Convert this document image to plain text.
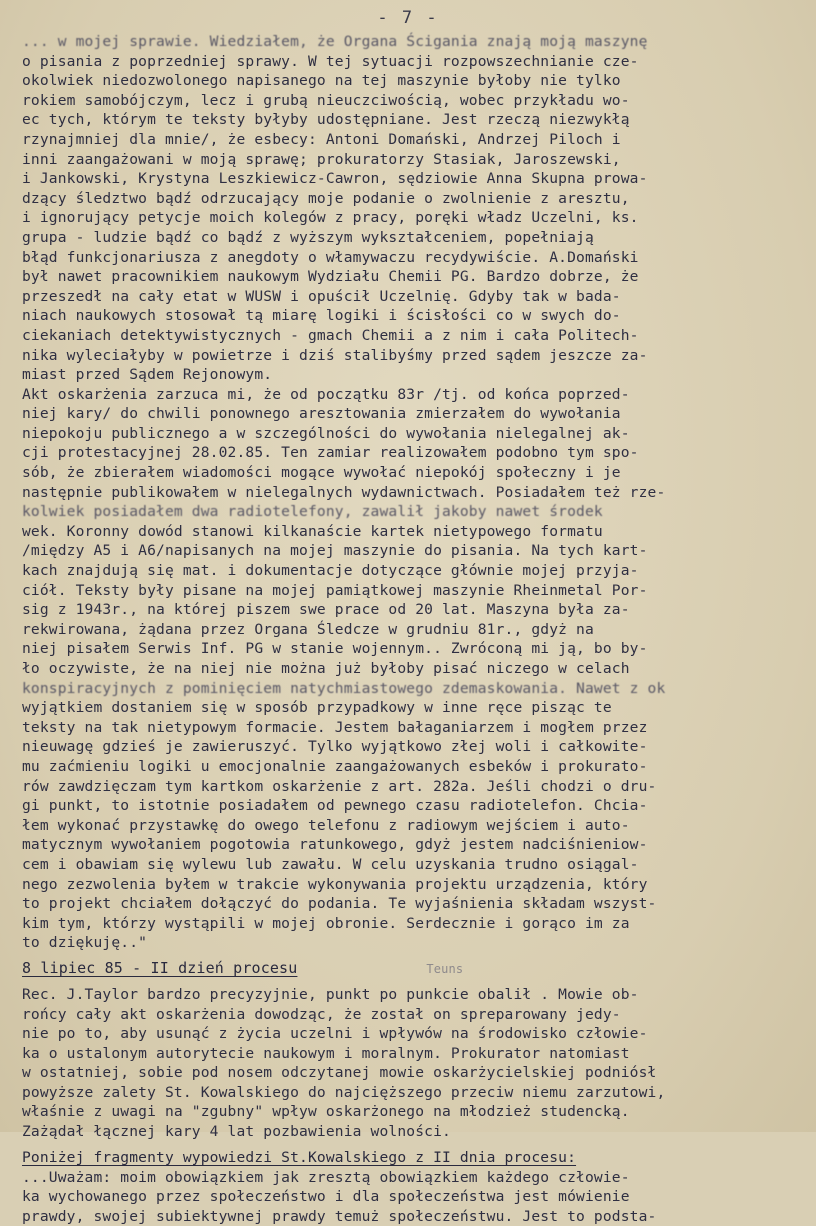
- 7 -
... w mojej sprawie. Wiedziałem, że Organa Ścigania znają moją maszynę
o pisania z poprzedniej sprawy. W tej sytuacji rozpowszechnianie cze-
okolwiek niedozwolonego napisanego na tej maszynie byłoby nie tylko
rokiem samobójczym, lecz i grubą nieuczciwością, wobec przykładu wo-
ec tych, którym te teksty byłyby udostępniane. Jest rzeczą niezwykłą
rzynajmniej dla mnie/, że esbecy: Antoni Domański, Andrzej Piloch i
inni zaangażowani w moją sprawę; prokuratorzy Stasiak, Jaroszewski,
i Jankowski, Krystyna Leszkiewicz-Cawron, sędziowie Anna Skupna prowa-
dzący śledztwo bądź odrzucający moje podanie o zwolnienie z aresztu,
i ignorujący petycje moich kolegów z pracy, poręki władz Uczelni, ks.
grupa - ludzie bądź co bądź z wyższym wykształceniem, popełniają
błąd funkcjonariusza z anegdoty o włamywaczu recydywiście. A.Domański
był nawet pracownikiem naukowym Wydziału Chemii PG. Bardzo dobrze, że
przeszedł na cały etat w WUSW i opuścił Uczelnię. Gdyby tak w bada-
niach naukowych stosował tą miarę logiki i ścisłości co w swych do-
ciekaniach detektywistycznych - gmach Chemii a z nim i cała Politech-
nika wyleciałyby w powietrze i dziś stalibyśmy przed sądem jeszcze za-
miast przed Sądem Rejonowym.
Akt oskarżenia zarzuca mi, że od początku 83r /tj. od końca poprzed-
niej kary/ do chwili ponownego aresztowania zmierzałem do wywołania
niepokoju publicznego a w szczególności do wywołania nielegalnej ak-
cji protestacyjnej 28.02.85. Ten zamiar realizowałem podobno tym spo-
sób, że zbierałem wiadomości mogące wywołać niepokój społeczny i je
następnie publikowałem w nielegalnych wydawnictwach. Posiadałem też rze-
kolwiek posiadałem dwa radiotelefony, zawalił jakoby nawet środek
wek. Koronny dowód stanowi kilkanaście kartek nietypowego formatu
/między A5 i A6/napisanych na mojej maszynie do pisania. Na tych kart-
kach znajdują się mat. i dokumentacje dotyczące głównie mojej przyja-
ciół. Teksty były pisane na mojej pamiątkowej maszynie Rheinmetal Por-
sig z 1943r., na której piszem swe prace od 20 lat. Maszyna była za-
rekwirowana, żądana przez Organa Śledcze w grudniu 81r., gdyż na
niej pisałem Serwis Inf. PG w stanie wojennym.. Zwróconą mi ją, bo by-
ło oczywiste, że na niej nie można już byłoby pisać niczego w celach
konspiracyjnych z pominięciem natychmiastowego zdemaskowania. Nawet z ok
wyjątkiem dostaniem się w sposób przypadkowy w inne ręce pisząc te
teksty na tak nietypowym formacie. Jestem bałaganiarzem i mogłem przez
nieuwagę gdzieś je zawieruszyć. Tylko wyjątkowo złej woli i całkowite-
mu zaćmieniu logiki u emocjonalnie zaangażowanych esbeków i prokurato-
rów zawdzięczam tym kartkom oskarżenie z art. 282a. Jeśli chodzi o dru-
gi punkt, to istotnie posiadałem od pewnego czasu radiotelefon. Chcia-
łem wykonać przystawkę do owego telefonu z radiowym wejściem i auto-
matycznym wywołaniem pogotowia ratunkowego, gdyż jestem nadciśnieniow-
cem i obawiam się wylewu lub zawału. W celu uzyskania trudno osiągal-
nego zezwolenia byłem w trakcie wykonywania projektu urządzenia, który
to projekt chciałem dołączyć do podania. Te wyjaśnienia składam wszyst-
kim tym, którzy wystąpili w mojej obronie. Serdecznie i gorąco im za
to dziękuję.."
8 lipiec 85 - II dzień procesu	Teuns
Rec. J.Taylor bardzo precyzyjnie, punkt po punkcie obalił . Mowie ob-
rońcy cały akt oskarżenia dowodząc, że został on spreparowany jedy-
nie po to, aby usunąć z życia uczelni i wpływów na środowisko człowie-
ka o ustalonym autorytecie naukowym i moralnym. Prokurator natomiast
w ostatniej, sobie pod nosem odczytanej mowie oskarżycielskiej podniósł
powyższe zalety St. Kowalskiego do najcięższego przeciw niemu zarzutowi,
właśnie z uwagi na "zgubny" wpływ oskarżonego na młodzież studencką.
Zażądał łącznej kary 4 lat pozbawienia wolności.
Poniżej fragmenty wypowiedzi St.Kowalskiego z II dnia procesu:
...Uważam: moim obowiązkiem jak zresztą obowiązkiem każdego człowie-
ka wychowanego przez społeczeństwo i dla społeczeństwa jest mówienie
prawdy, swojej subiektywnej prawdy temuż społeczeństwu. Jest to podsta-
